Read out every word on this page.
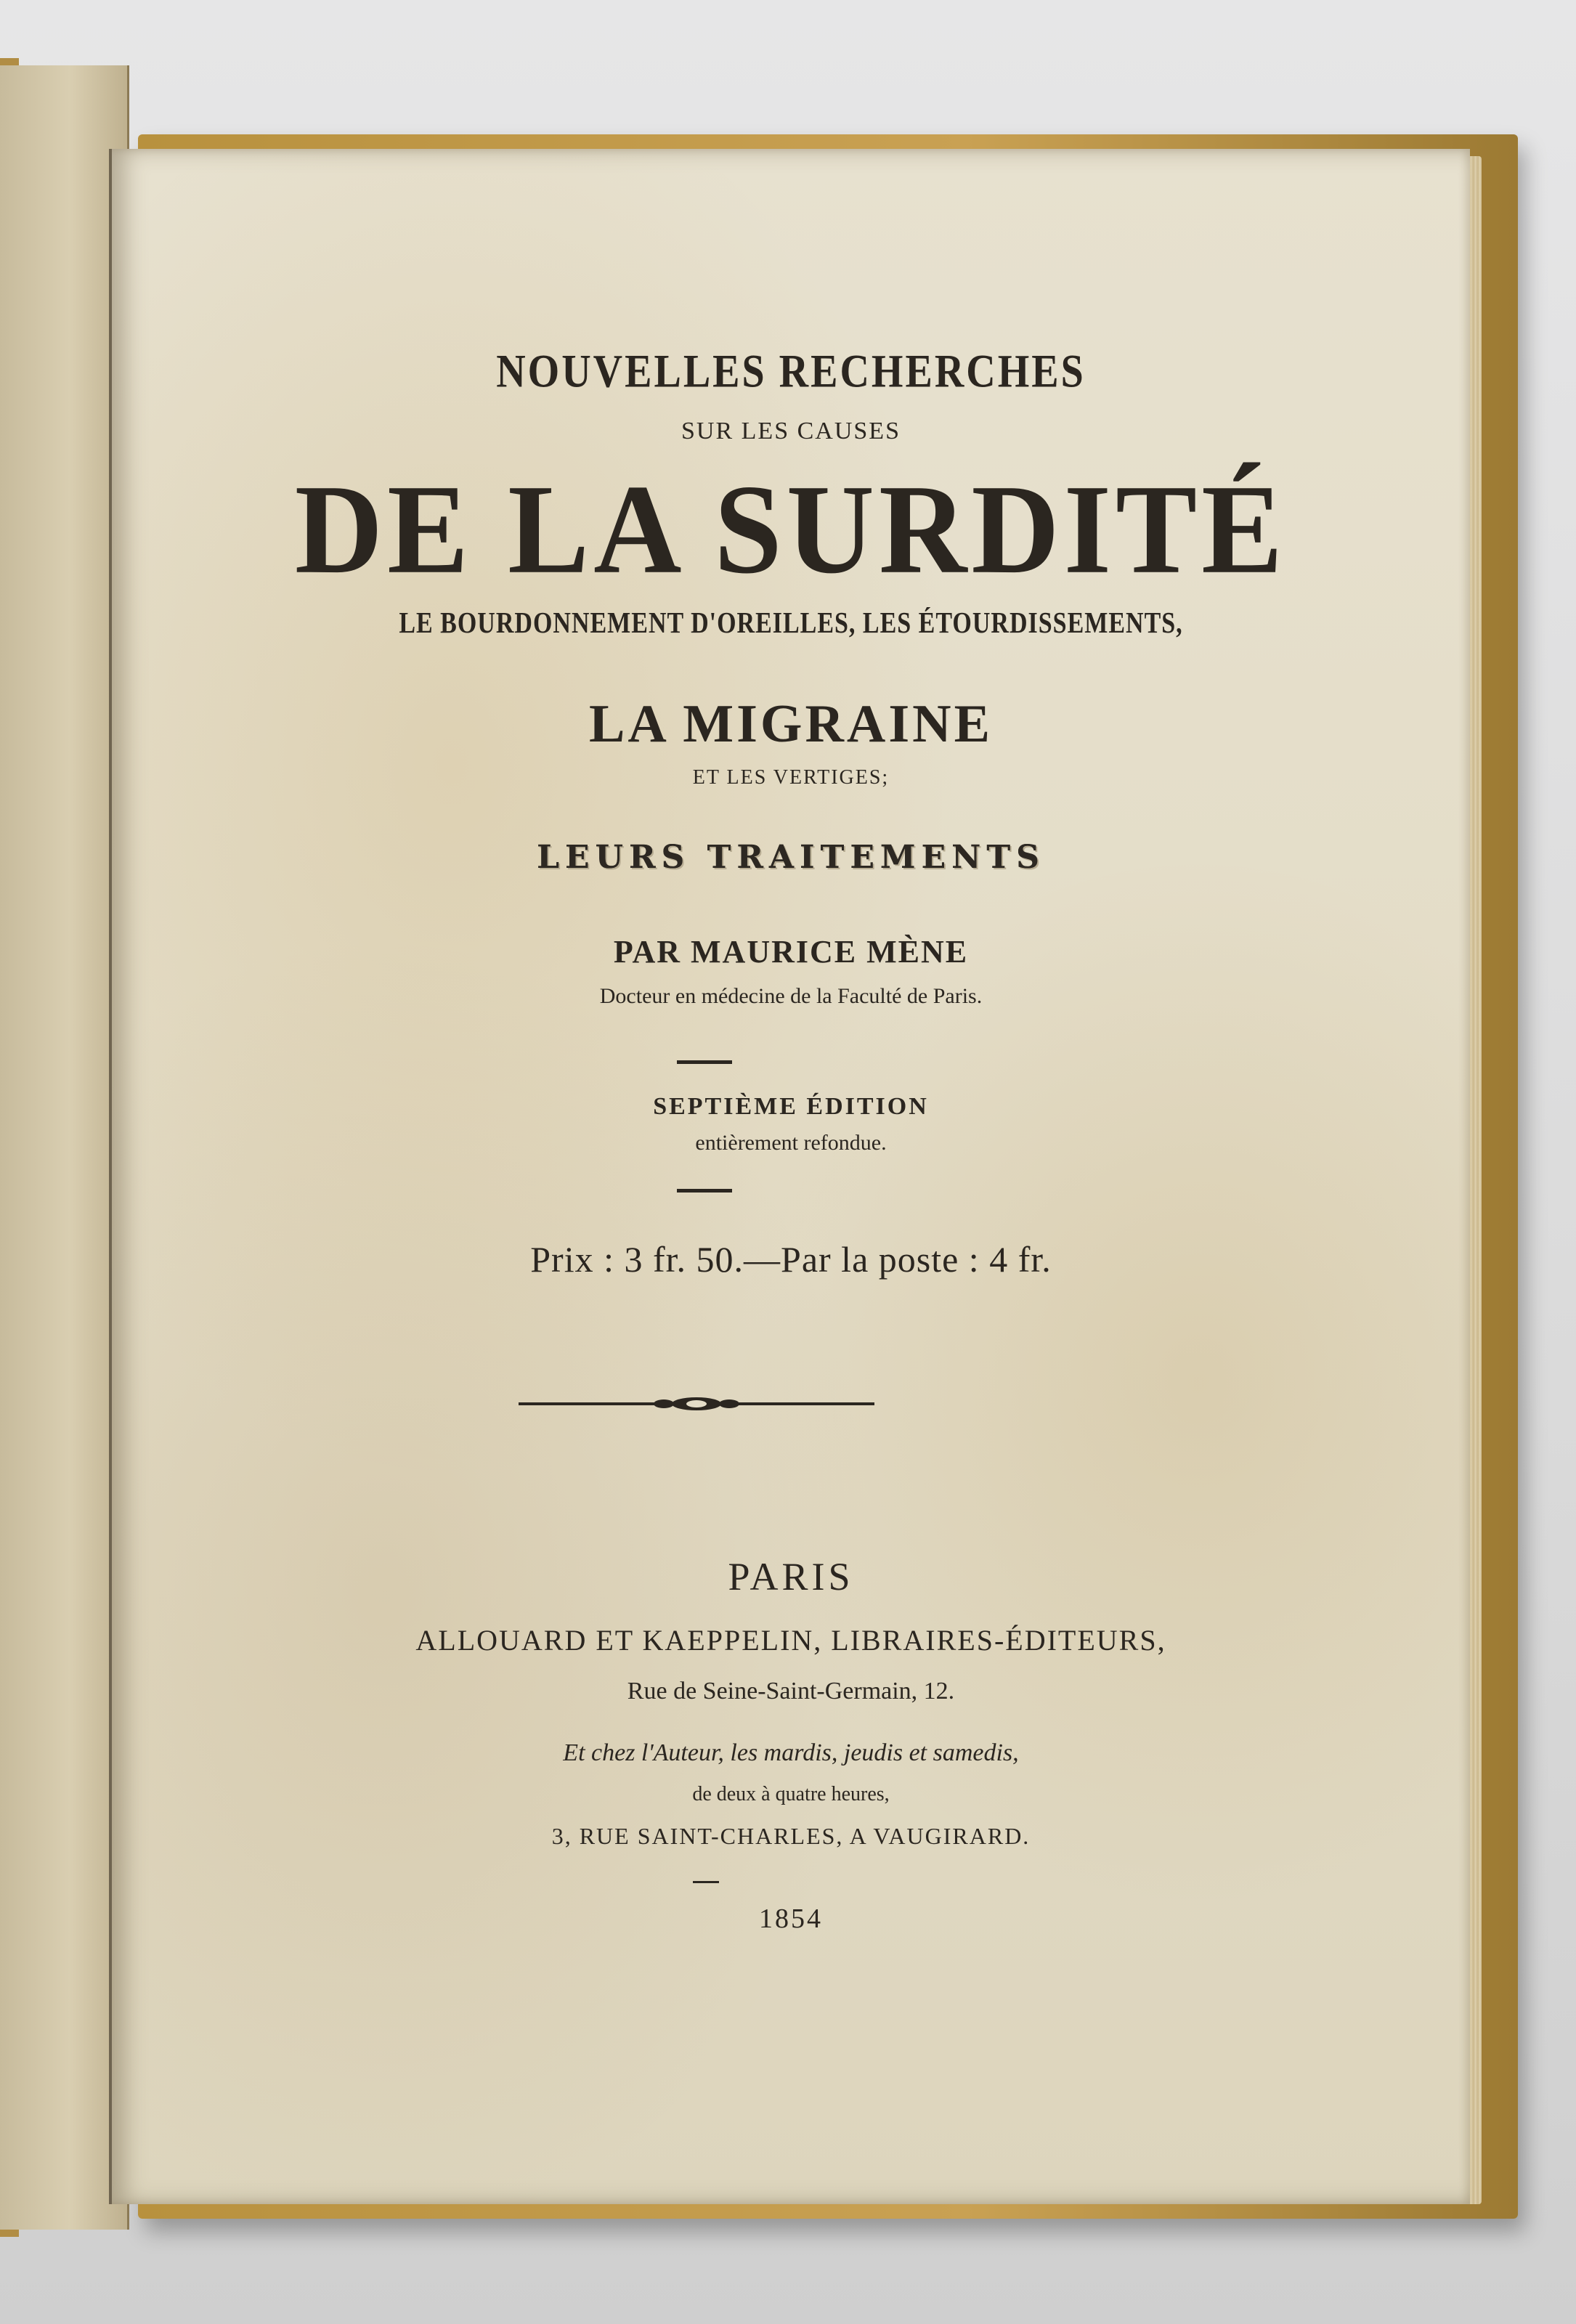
NOUVELLES RECHERCHES
SUR LES CAUSES
DE LA SURDITÉ
LE BOURDONNEMENT D'OREILLES, LES ÉTOURDISSEMENTS,
LA MIGRAINE
ET LES VERTIGES;
LEURS TRAITEMENTS
PAR MAURICE MÈNE
Docteur en médecine de la Faculté de Paris.
SEPTIÈME ÉDITION
entièrement refondue.
Prix : 3 fr. 50.—Par la poste : 4 fr.
PARIS
ALLOUARD ET KAEPPELIN, LIBRAIRES-ÉDITEURS,
Rue de Seine-Saint-Germain, 12.
Et chez l'Auteur, les mardis, jeudis et samedis,
de deux à quatre heures,
3, RUE SAINT-CHARLES, A VAUGIRARD.
1854
